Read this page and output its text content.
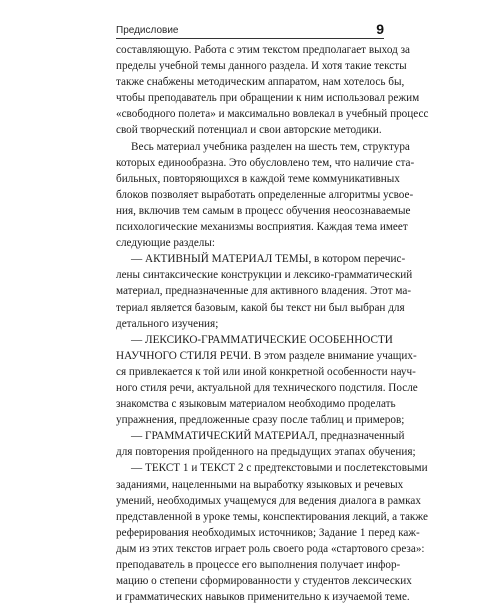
Предисловие	9
составляющую. Работа с этим текстом предполагает выход за
пределы учебной темы данного раздела. И хотя такие тексты
также снабжены методическим аппаратом, нам хотелось бы,
чтобы преподаватель при обращении к ним использовал режим
«свободного полета» и максимально вовлекал в учебный процесс
свой творческий потенциал и свои авторские методики.
Весь материал учебника разделен на шесть тем, структура
которых единообразна. Это обусловлено тем, что наличие ста-
бильных, повторяющихся в каждой теме коммуникативных
блоков позволяет выработать определенные алгоритмы усвое-
ния, включив тем самым в процесс обучения неосознаваемые
психологические механизмы восприятия. Каждая тема имеет
следующие разделы:
— АКТИВНЫЙ МАТЕРИАЛ ТЕМЫ, в котором перечис-
лены синтаксические конструкции и лексико-грамматический
материал, предназначенные для активного владения. Этот ма-
териал является базовым, какой бы текст ни был выбран для
детального изучения;
— ЛЕКСИКО-ГРАММАТИЧЕСКИЕ ОСОБЕННОСТИ
НАУЧНОГО СТИЛЯ РЕЧИ. В этом разделе внимание учащих-
ся привлекается к той или иной конкретной особенности науч-
ного стиля речи, актуальной для технического подстиля. После
знакомства с языковым материалом необходимо проделать
упражнения, предложенные сразу после таблиц и примеров;
— ГРАММАТИЧЕСКИЙ МАТЕРИАЛ, предназначенный
для повторения пройденного на предыдущих этапах обучения;
— ТЕКСТ 1 и ТЕКСТ 2 с предтекстовыми и послетекстовыми
заданиями, нацеленными на выработку языковых и речевых
умений, необходимых учащемуся для ведения диалога в рамках
представленной в уроке темы, конспектирования лекций, а также
реферирования необходимых источников; Задание 1 перед каж-
дым из этих текстов играет роль своего рода «стартового среза»:
преподаватель в процессе его выполнения получает инфор-
мацию о степени сформированности у студентов лексических
и грамматических навыков применительно к изучаемой теме.
